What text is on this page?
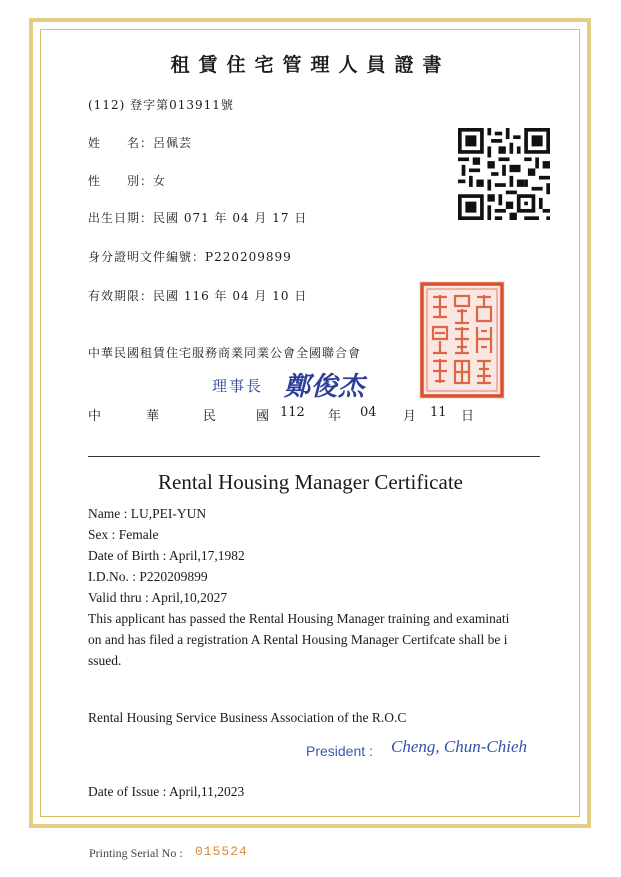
租賃住宅管理人員證書
(112) 登字第013911號
姓　　名：呂佩芸
性　　別：女
出生日期：民國 071 年 04 月 17 日
身分證明文件編號：P220209899
有效期限：民國 116 年 04 月 10 日
中華民國租賃住宅服務商業同業公會全國聯合會
理事長 鄭俊杰
中	華	民	國 112 年 04 月 11 日
Rental Housing Manager Certificate
Name : LU,PEI-YUN
Sex : Female
Date of Birth : April,17,1982
I.D.No. : P220209899
Valid thru : April,10,2027
This applicant has passed the Rental Housing Manager training and examinati
on and has filed a registration A Rental Housing Manager Certifcate shall be i
ssued.
Rental Housing Service Business Association of the R.O.C
President : Cheng, Chun-Chieh
Date of Issue : April,11,2023
Printing Serial No : 015524
